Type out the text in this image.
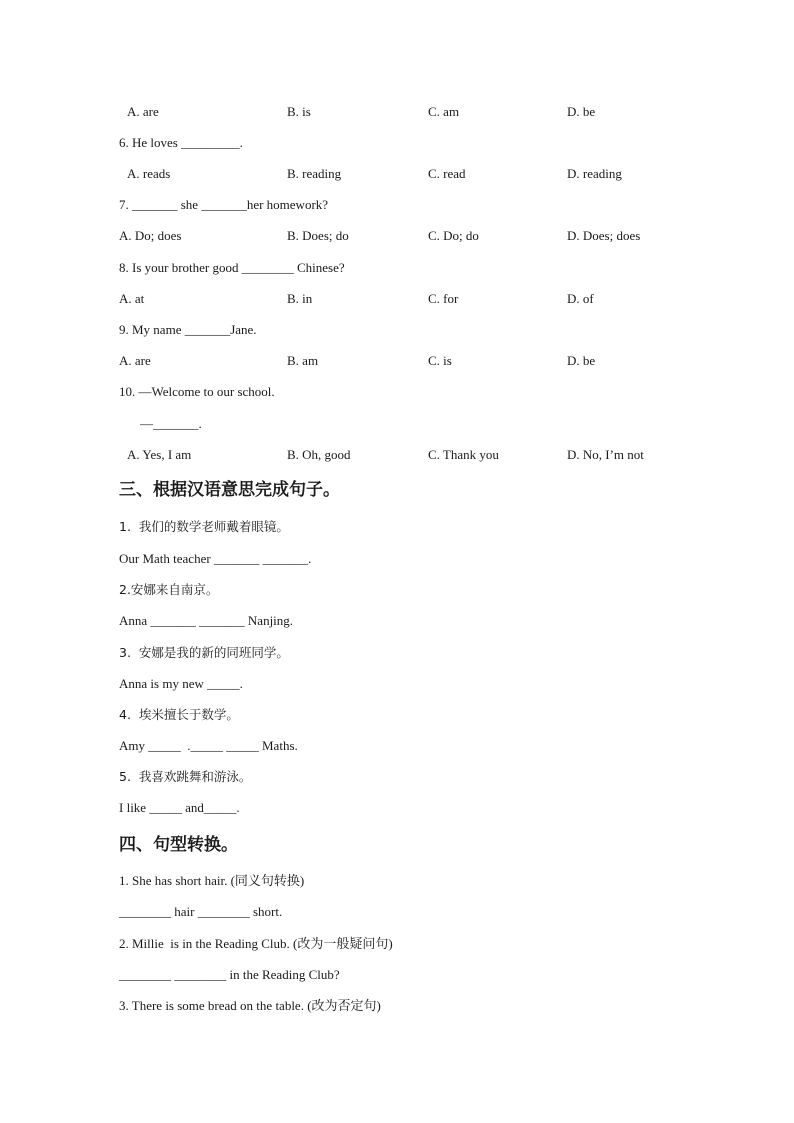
A. are	B. is	C. am	D. be
6. He loves _________.
A. reads	B. reading	C. read	D. reading
7. _______ she _______her homework?
A. Do; does	B. Does; do	C. Do; do	D. Does; does
8. Is your brother good ________ Chinese?
A. at	B. in	C. for	D. of
9. My name _______Jane.
A. are	B. am	C. is	D. be
10. —Welcome to our school.
—_______.
A. Yes, I am	B. Oh, good	C. Thank you	D. No, I’m not
三、根据汉语意思完成句子。
1.  我们的数学老师戴着眼镜。
Our Math teacher _______ _______.
2.安娜来自南京。
Anna _______ _______ Nanjing.
3.  安娜是我的新的同班同学。
Anna is my new _____.
4.  埃米擅长于数学。
Amy _____  ._____ _____ Maths.
5.  我喜欢跳舞和游泳。
I like _____ and_____.
四、句型转换。
1. She has short hair. (同义句转换)
________ hair ________ short.
2. Millie  is in the Reading Club. (改为一般疑问句)
________ ________ in the Reading Club?
3. There is some bread on the table. (改为否定句)
